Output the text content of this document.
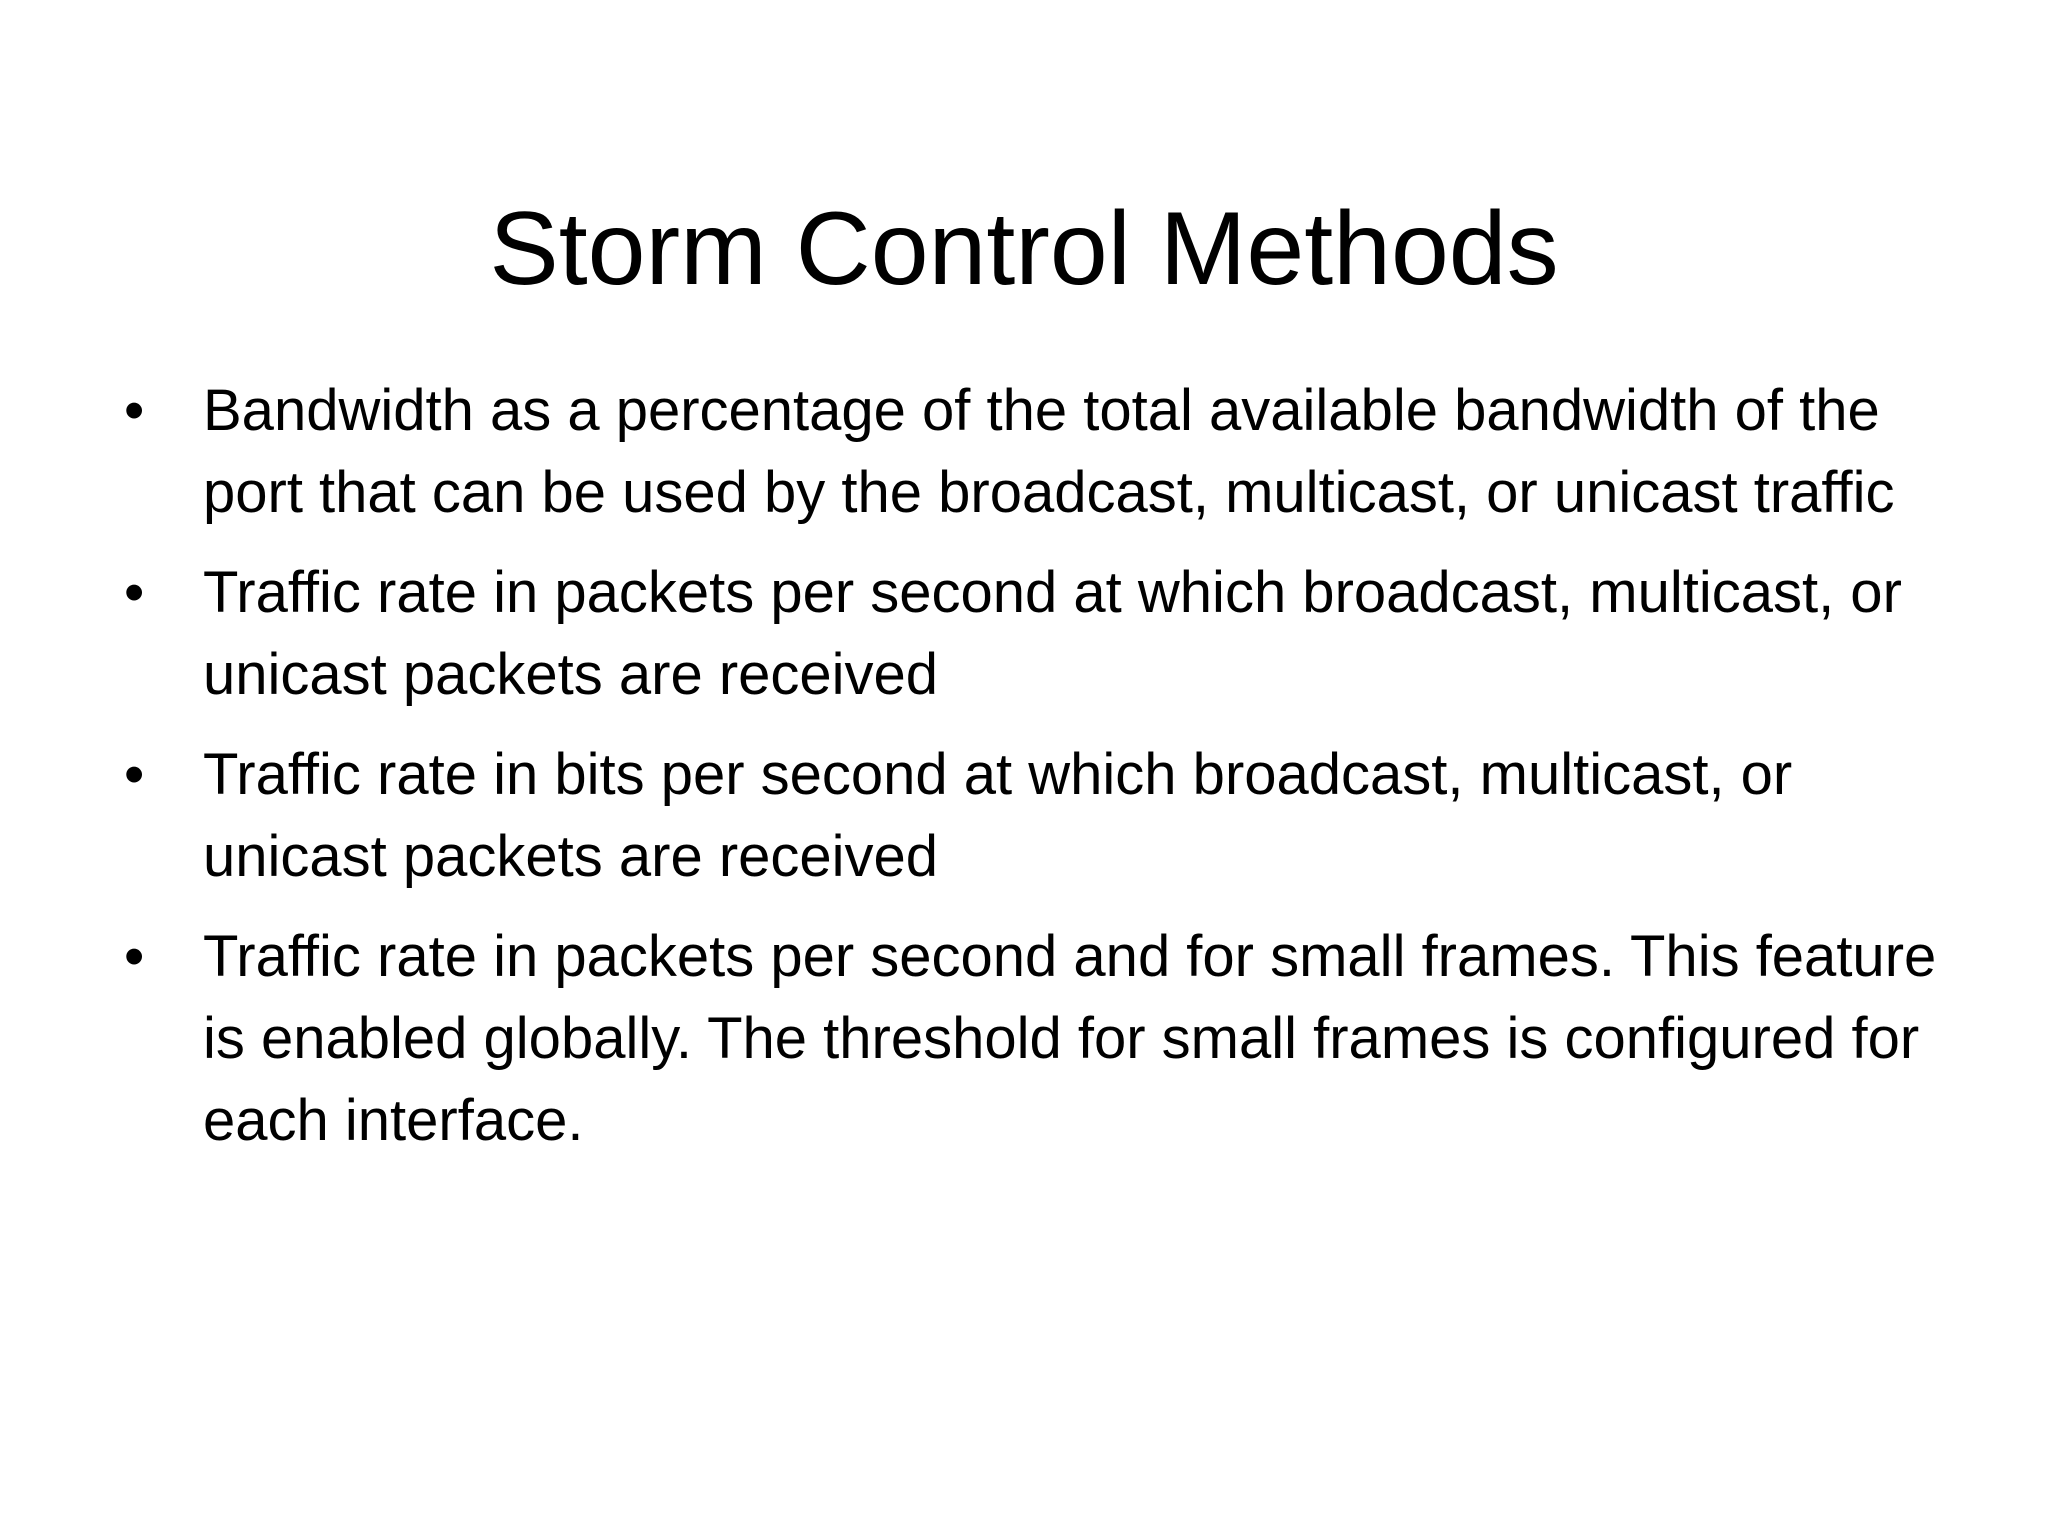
Storm Control Methods
• Bandwidth as a percentage of the total available bandwidth of the port that can be used by the broadcast, multicast, or unicast traffic
• Traffic rate in packets per second at which broadcast, multicast, or unicast packets are received
• Traffic rate in bits per second at which broadcast, multicast, or unicast packets are received
• Traffic rate in packets per second and for small frames. This feature is enabled globally. The threshold for small frames is configured for each interface.
